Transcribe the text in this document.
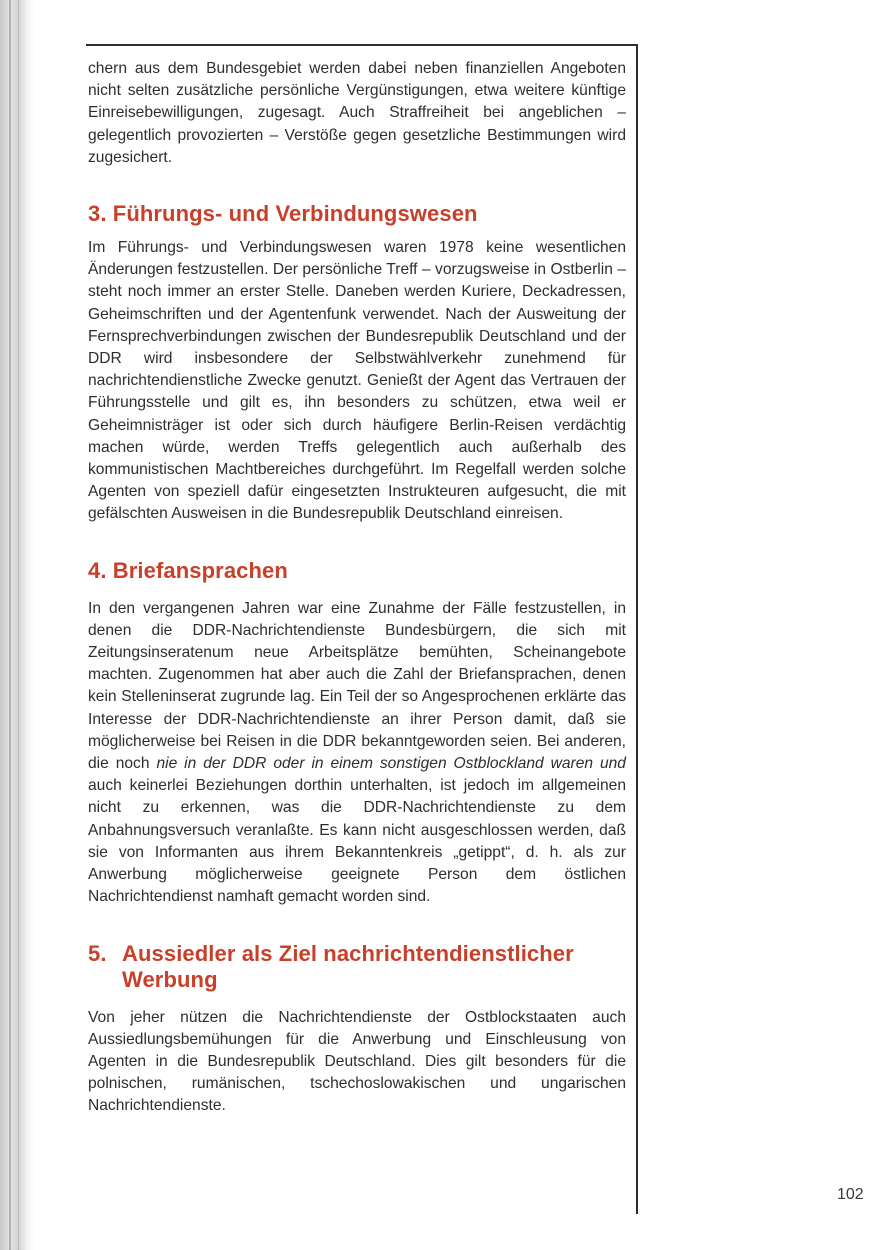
chern aus dem Bundesgebiet werden dabei neben finanziellen Angeboten nicht selten zusätzliche persönliche Vergünstigungen, etwa weitere künftige Einreisebewilligungen, zugesagt. Auch Straffreiheit bei angeblichen – gelegentlich provozierten – Verstöße gegen gesetzliche Bestimmungen wird zugesichert.

3. Führungs- und Verbindungswesen

Im Führungs- und Verbindungswesen waren 1978 keine wesentlichen Änderungen festzustellen. Der persönliche Treff – vorzugsweise in Ostberlin – steht noch immer an erster Stelle. Daneben werden Kuriere, Deckadressen, Geheimschriften und der Agentenfunk verwendet. Nach der Ausweitung der Fernsprechverbindungen zwischen der Bundesrepublik Deutschland und der DDR wird insbesondere der Selbstwählverkehr zunehmend für nachrichtendienstliche Zwecke genutzt. Genießt der Agent das Vertrauen der Führungsstelle und gilt es, ihn besonders zu schützen, etwa weil er Geheimnisträger ist oder sich durch häufigere Berlin-Reisen verdächtig machen würde, werden Treffs gelegentlich auch außerhalb des kommunistischen Machtbereiches durchgeführt. Im Regelfall werden solche Agenten von speziell dafür eingesetzten Instrukteuren aufgesucht, die mit gefälschten Ausweisen in die Bundesrepublik Deutschland einreisen.

4. Briefansprachen

In den vergangenen Jahren war eine Zunahme der Fälle festzustellen, in denen die DDR-Nachrichtendienste Bundesbürgern, die sich mit Zeitungsinseratenum neue Arbeitsplätze bemühten, Scheinangebote machten. Zugenommen hat aber auch die Zahl der Briefansprachen, denen kein Stelleninserat zugrunde lag. Ein Teil der so Angesprochenen erklärte das Interesse der DDR-Nachrichtendienste an ihrer Person damit, daß sie möglicherweise bei Reisen in die DDR bekanntgeworden seien. Bei anderen, die noch nie in der DDR oder in einem sonstigen Ostblockland waren und auch keinerlei Beziehungen dorthin unterhalten, ist jedoch im allgemeinen nicht zu erkennen, was die DDR-Nachrichtendienste zu dem Anbahnungsversuch veranlaßte. Es kann nicht ausgeschlossen werden, daß sie von Informanten aus ihrem Bekanntenkreis „getippt“, d. h. als zur Anwerbung möglicherweise geeignete Person dem östlichen Nachrichtendienst namhaft gemacht worden sind.

5. Aussiedler als Ziel nachrichtendienstlicher Werbung

Von jeher nützen die Nachrichtendienste der Ostblockstaaten auch Aussiedlungsbemühungen für die Anwerbung und Einschleusung von Agenten in die Bundesrepublik Deutschland. Dies gilt besonders für die polnischen, rumänischen, tschechoslowakischen und ungarischen Nachrichtendienste.

102
